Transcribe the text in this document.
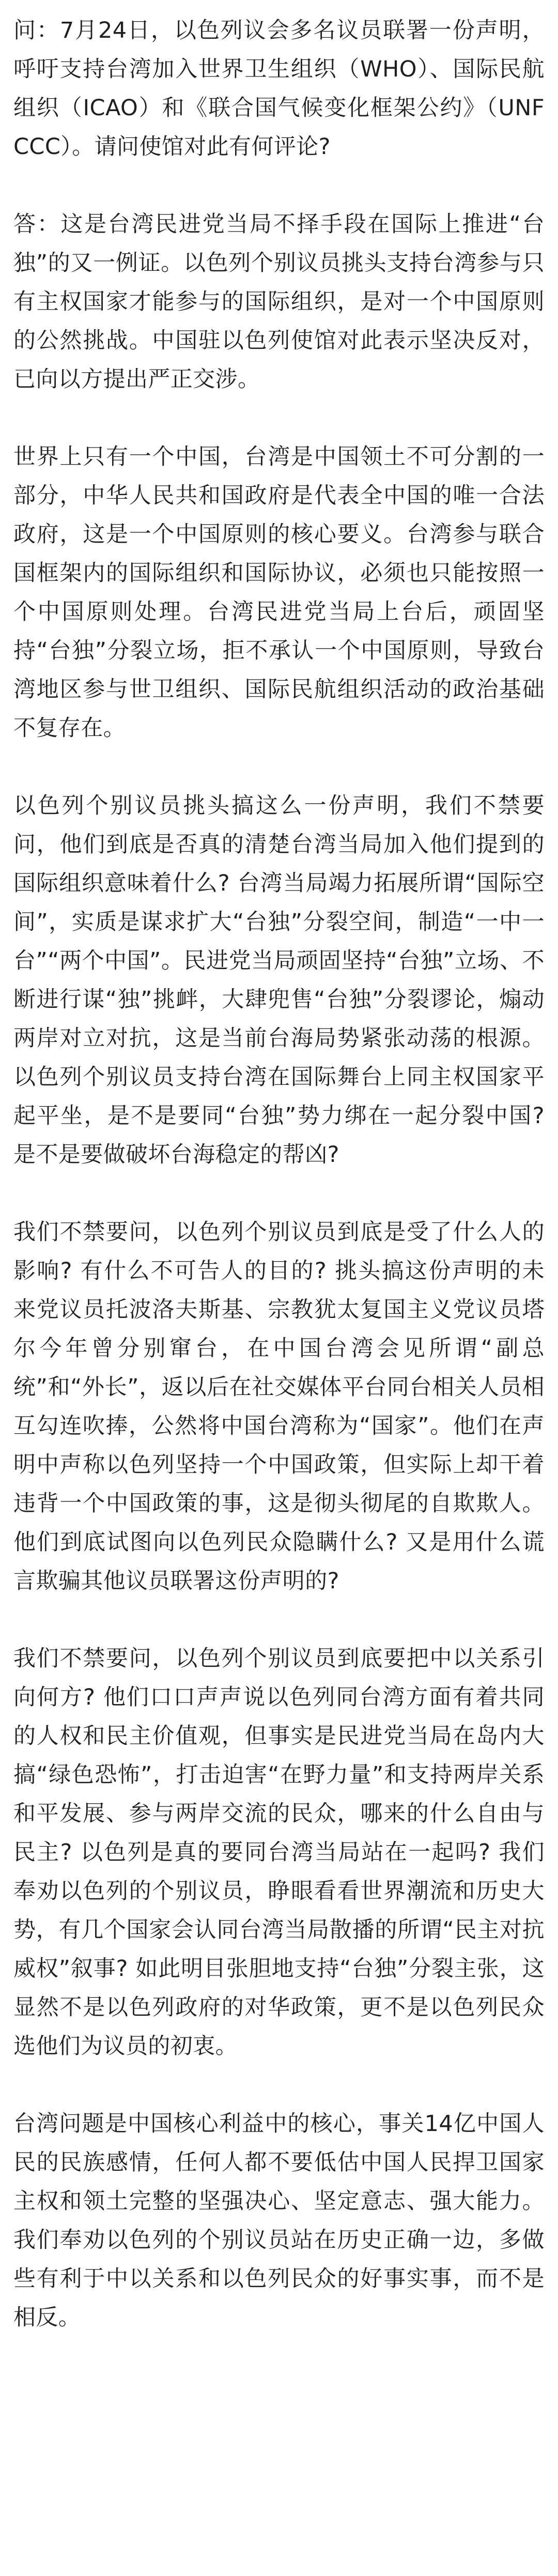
问：7月24日，以色列议会多名议员联署一份声明，呼吁支持台湾加入世界卫生组织（WHO）、国际民航组织（ICAO）和《联合国气候变化框架公约》（UNFCCC）。请问使馆对此有何评论?

答：这是台湾民进党当局不择手段在国际上推进“台独”的又一例证。以色列个别议员挑头支持台湾参与只有主权国家才能参与的国际组织，是对一个中国原则的公然挑战。中国驻以色列使馆对此表示坚决反对，已向以方提出严正交涉。

世界上只有一个中国，台湾是中国领土不可分割的一部分，中华人民共和国政府是代表全中国的唯一合法政府，这是一个中国原则的核心要义。台湾参与联合国框架内的国际组织和国际协议，必须也只能按照一个中国原则处理。台湾民进党当局上台后，顽固坚持“台独”分裂立场，拒不承认一个中国原则，导致台湾地区参与世卫组织、国际民航组织活动的政治基础不复存在。

以色列个别议员挑头搞这么一份声明，我们不禁要问，他们到底是否真的清楚台湾当局加入他们提到的国际组织意味着什么? 台湾当局竭力拓展所谓“国际空间”，实质是谋求扩大“台独”分裂空间，制造“一中一台”“两个中国”。民进党当局顽固坚持“台独”立场、不断进行谋“独”挑衅，大肆兜售“台独”分裂谬论，煽动两岸对立对抗，这是当前台海局势紧张动荡的根源。以色列个别议员支持台湾在国际舞台上同主权国家平起平坐，是不是要同“台独”势力绑在一起分裂中国? 是不是要做破坏台海稳定的帮凶?

我们不禁要问，以色列个别议员到底是受了什么人的影响? 有什么不可告人的目的? 挑头搞这份声明的未来党议员托波洛夫斯基、宗教犹太复国主义党议员塔尔今年曾分别窜台，在中国台湾会见所谓“副总统”和“外长”，返以后在社交媒体平台同台相关人员相互勾连吹捧，公然将中国台湾称为“国家”。他们在声明中声称以色列坚持一个中国政策，但实际上却干着违背一个中国政策的事，这是彻头彻尾的自欺欺人。他们到底试图向以色列民众隐瞒什么? 又是用什么谎言欺骗其他议员联署这份声明的?

我们不禁要问，以色列个别议员到底要把中以关系引向何方? 他们口口声声说以色列同台湾方面有着共同的人权和民主价值观，但事实是民进党当局在岛内大搞“绿色恐怖”，打击迫害“在野力量”和支持两岸关系和平发展、参与两岸交流的民众，哪来的什么自由与民主? 以色列是真的要同台湾当局站在一起吗? 我们奉劝以色列的个别议员，睁眼看看世界潮流和历史大势，有几个国家会认同台湾当局散播的所谓“民主对抗威权”叙事? 如此明目张胆地支持“台独”分裂主张，这显然不是以色列政府的对华政策，更不是以色列民众选他们为议员的初衷。

台湾问题是中国核心利益中的核心，事关14亿中国人民的民族感情，任何人都不要低估中国人民捍卫国家主权和领土完整的坚强决心、坚定意志、强大能力。我们奉劝以色列的个别议员站在历史正确一边，多做些有利于中以关系和以色列民众的好事实事，而不是相反。
